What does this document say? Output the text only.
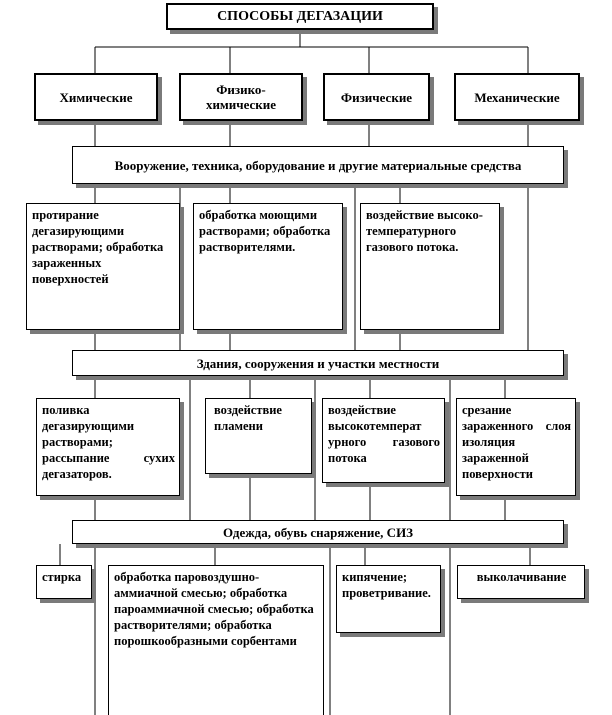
СПОСОБЫ ДЕГАЗАЦИИ
Химические	Физико-химические	Физические	Механические
Вооружение, техника, оборудование и другие материальные средства
протирание дегазирующими растворами; обработка зараженных поверхностей
обработка моющими растворами; обработка растворителями.
воздействие высоко-температурного газового потока.
Здания, сооружения и участки местности
поливка дегазирующими растворами; рассыпание сухих дегазаторов.
воздействие пламени
воздействие высокотемперат урного газового потока
срезание зараженного слоя изоляция зараженной поверхности
Одежда, обувь снаряжение, СИЗ
стирка	обработка паровоздушно-аммиачной смесью; обработка пароаммиачной смесью; обработка растворителями; обработка порошкообразными сорбентами
кипячение; проветривание.
выколачивание
